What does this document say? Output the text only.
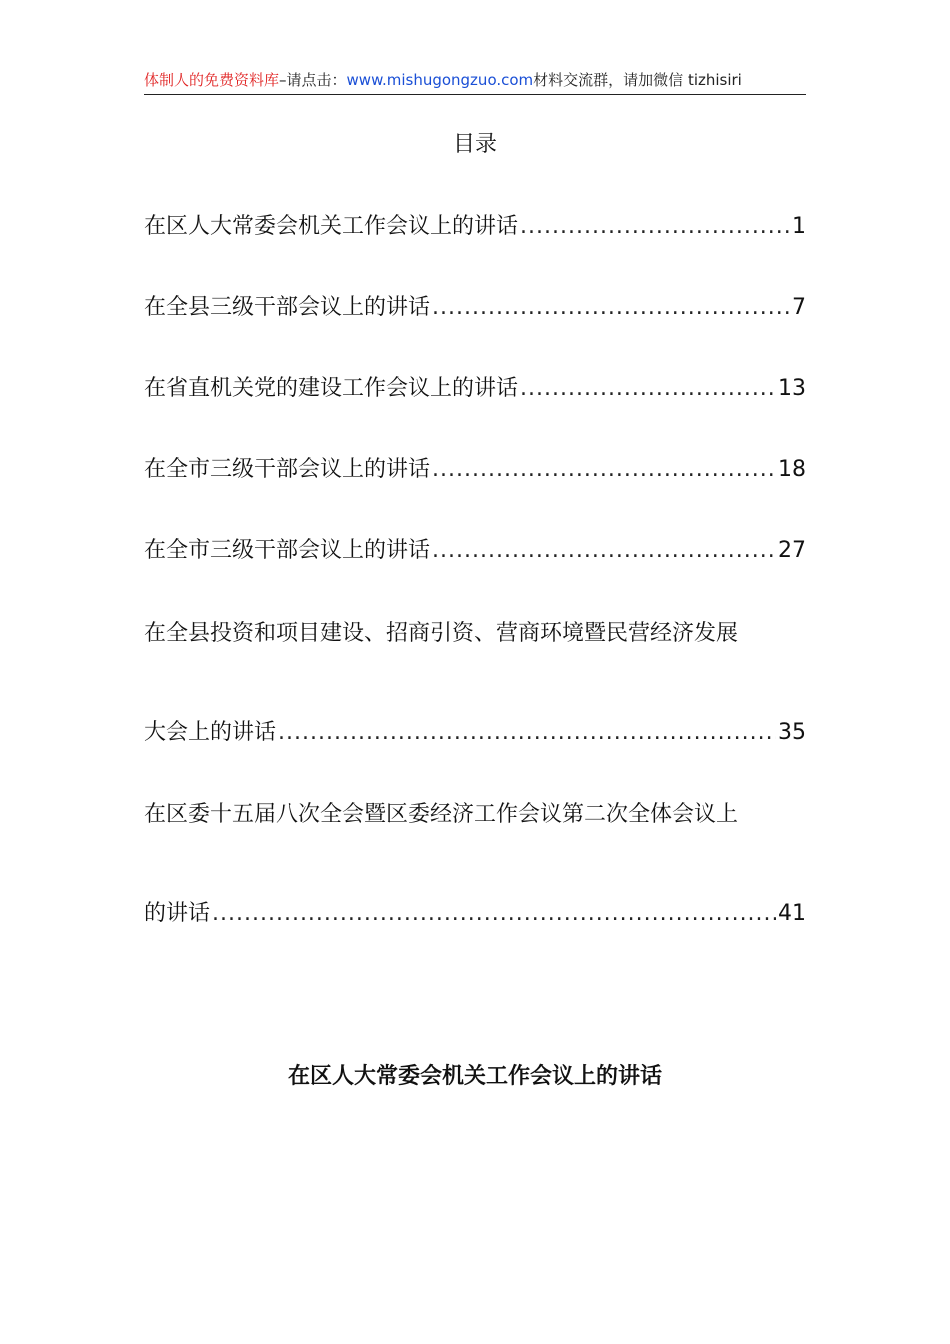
体制人的免费资料库–请点击：www.mishugongzuo.com材料交流群，请加微信 tizhisiri
目录
在区人大常委会机关工作会议上的讲话 .....	1
在全县三级干部会议上的讲话 .....	7
在省直机关党的建设工作会议上的讲话 .....	13
在全市三级干部会议上的讲话 .....	18
在全市三级干部会议上的讲话 .....	27
在全县投资和项目建设、招商引资、营商环境暨民营经济发展
大会上的讲话 .....	35
在区委十五届八次全会暨区委经济工作会议第二次全体会议上
的讲话 .....	41
在区人大常委会机关工作会议上的讲话
